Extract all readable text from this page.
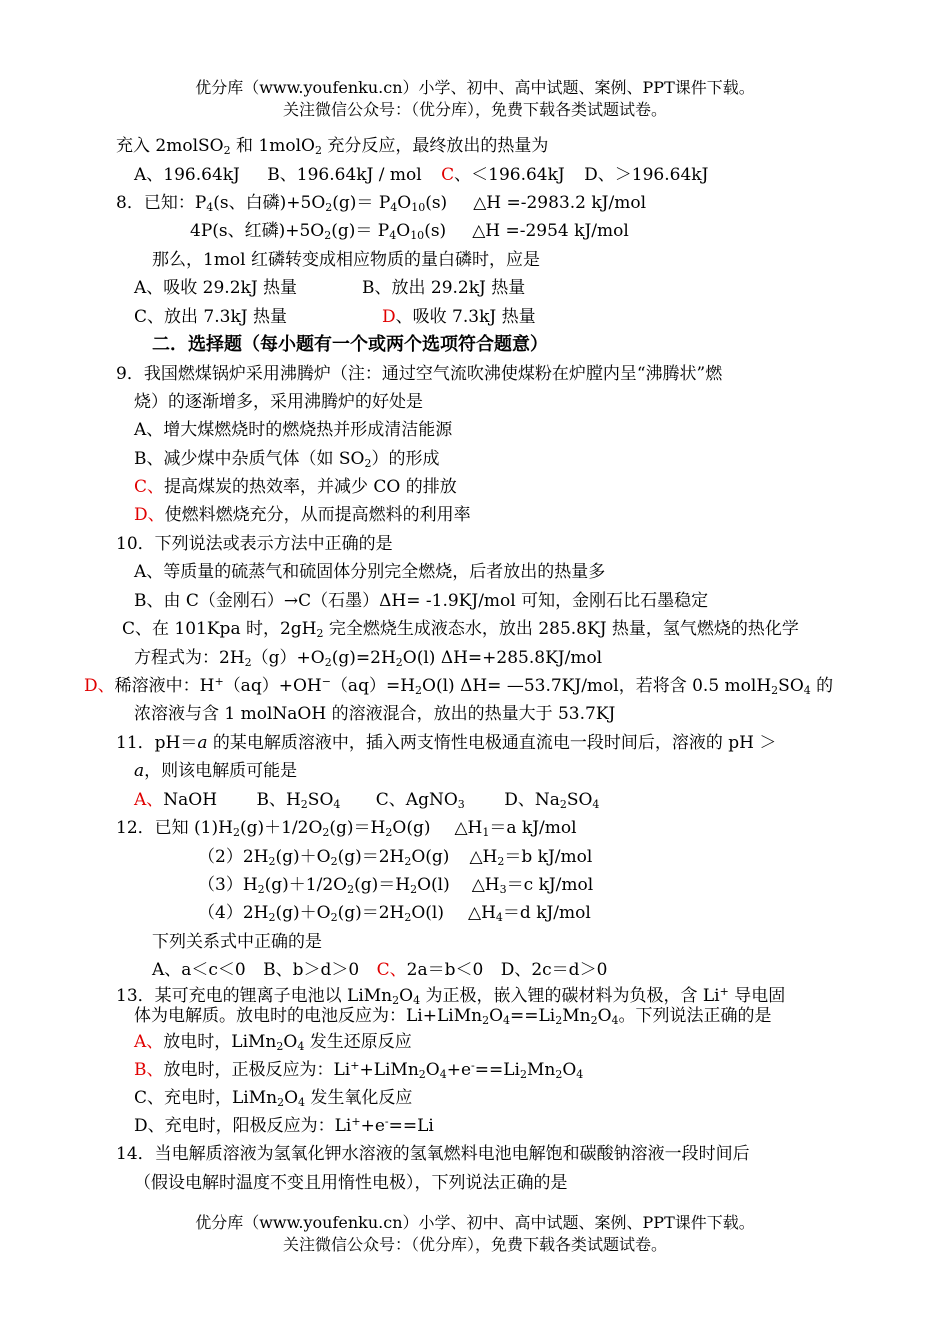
优分库（www.youfenku.cn）小学、初中、高中试题、案例、PPT课件下载。
关注微信公众号：（优分库），免费下载各类试题试卷。
充入 2molSO$_2$ 和 1molO$_2$ 充分反应，最终放出的热量为
A、196.64kJ B、196.64kJ / mol C、＜196.64kJ D、＞196.64kJ
8．已知：$P_4(s$、白磷)$+5O_2(g)= P_4O_{10}(s)$ △H =-2983.2 kJ/mol
4P(s、红磷)$+5O_2(g)= P_4O_{10}(s)$ △H =-2954 kJ/mol
那么，1mol 红磷转变成相应物质的量白磷时，应是
A、吸收 29.2kJ 热量	B、放出 29.2kJ 热量
C、放出 7.3kJ 热量	D、吸收 7.3kJ 热量
二．选择题（每小题有一个或两个选项符合题意）
9．我国燃煤锅炉采用沸腾炉（注：通过空气流吹沸使煤粉在炉膛内呈“沸腾状”燃
烧）的逐渐增多，采用沸腾炉的好处是
A、增大煤燃烧时的燃烧热并形成清洁能源
B、减少煤中杂质气体（如 $SO_2$）的形成
C、提高煤炭的热效率，并减少 CO 的排放
D、使燃料燃烧充分，从而提高燃料的利用率
10．下列说法或表示方法中正确的是
A、等质量的硫蒸气和硫固体分别完全燃烧，后者放出的热量多
B、由 C（金刚石）→C（石墨）ΔH= -1.9KJ/mol 可知，金刚石比石墨稳定
C、在 101Kpa 时，$2gH_2$ 完全燃烧生成液态水，放出 285.8KJ 热量，氢气燃烧的热化学
方程式为：$2H_2(g)+O_2(g)=2H_2O(l)$ ΔH=+285.8KJ/mol
D、稀溶液中：$H^+(aq)+OH^-(aq)=H_2O(l)$ ΔH= —53.7KJ/mol，若将含 0.5 $molH_2SO_4$ 的
浓溶液与含 1 molNaOH 的溶液混合，放出的热量大于 53.7KJ
11．pH＝a 的某电解质溶液中，插入两支惰性电极通直流电一段时间后，溶液的 pH ＞
a，则该电解质可能是
A、NaOH B、$H_2SO_4$ C、AgNO$_3$ D、$Na_2SO_4$
12．已知 $(1)H_2(g)+1/2O_2(g)=H_2O(g)$ $\triangle H_1=a$ kJ/mol
$(2)2H_2(g)+O_2(g)=2H_2O(g)$ $\triangle H_2=b$ kJ/mol
$(3)H_2(g)+1/2O_2(g)=H_2O(l)$ $\triangle H_3=c$ kJ/mol
$(4)2H_2(g)+O_2(g)=2H_2O(l)$ $\triangle H_4=d$ kJ/mol
下列关系式中正确的是
A、a＜c＜0 B、b＞d＞0 C、2a＝b＜0 D、2c＝d＞0
13．某可充电的锂离子电池以 $LiMn_2O_4$ 为正极，嵌入锂的碳材料为负极，含 Li+ 导电固
体为电解质。放电时的电池反应为：$Li+LiMn_2O_4==Li_2Mn_2O_4$。下列说法正确的是
A、放电时，$LiMn_2O_4$ 发生还原反应
B、放电时，正极反应为：$Li^++LiMn_2O_4+e^-==Li_2Mn_2O_4$
C、充电时，$LiMn_2O_4$ 发生氧化反应
D、充电时，阳极反应为：Li++e-==Li
14．当电解质溶液为氢氧化钾水溶液的氢氧燃料电池电解饱和碳酸钠溶液一段时间后
（假设电解时温度不变且用惰性电极），下列说法正确的是
优分库（www.youfenku.cn）小学、初中、高中试题、案例、PPT课件下载。
关注微信公众号：（优分库），免费下载各类试题试卷。
